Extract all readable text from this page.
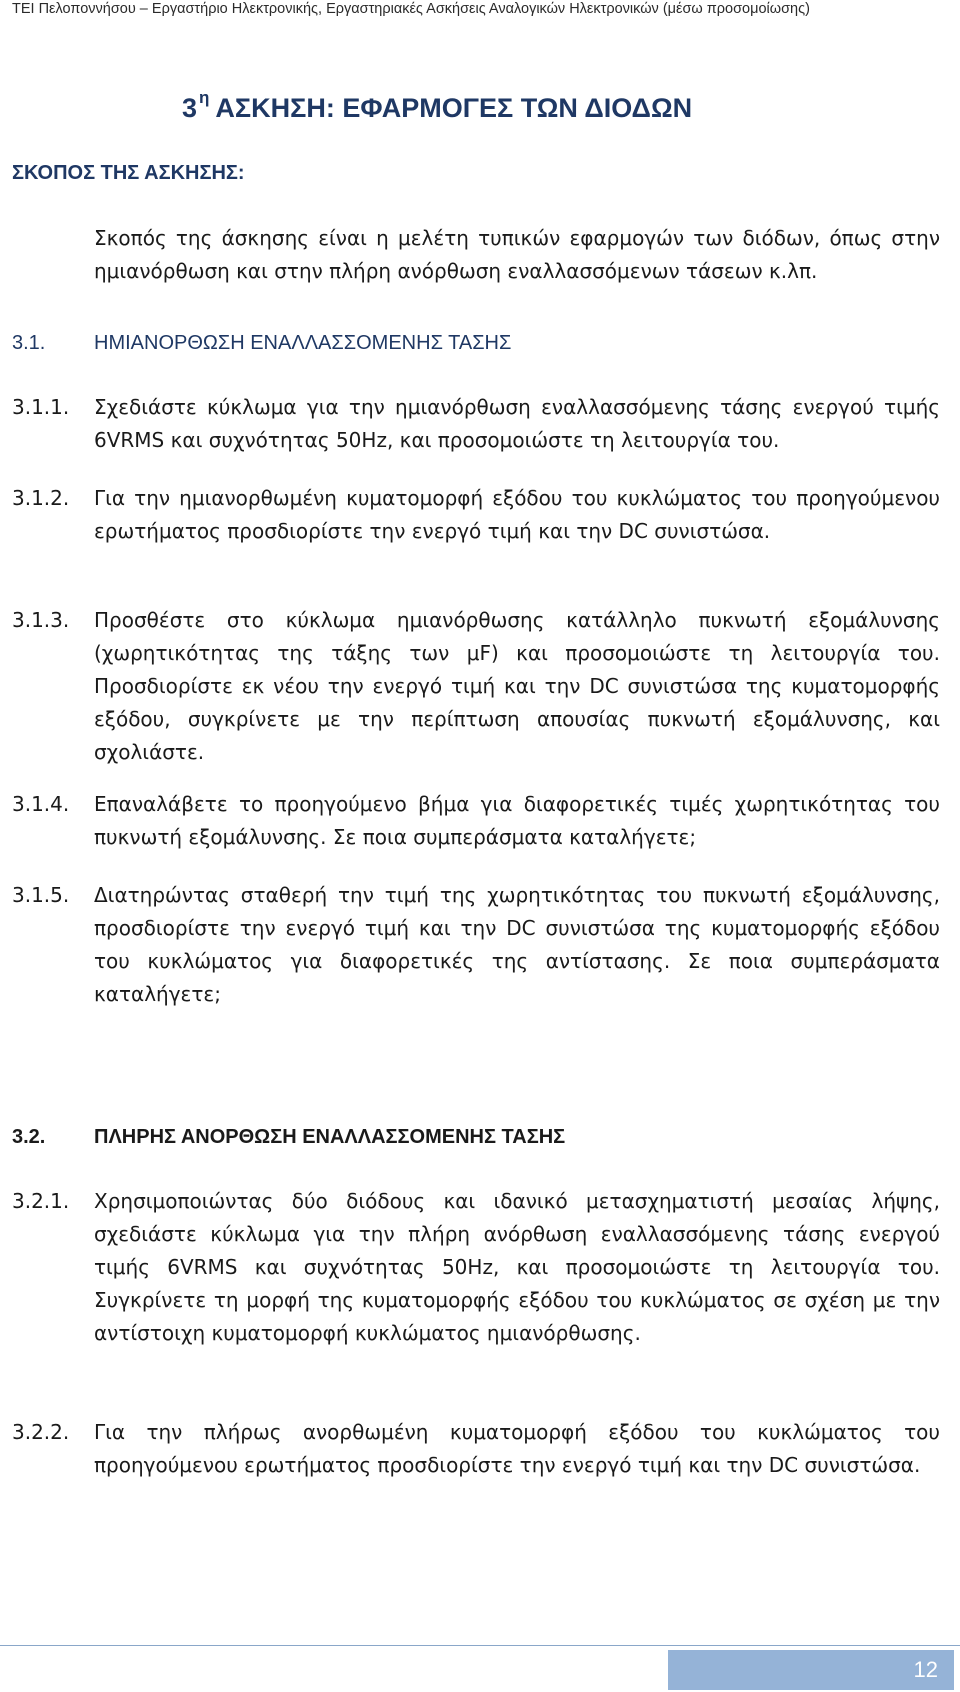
ΤΕΙ Πελοποννήσου – Εργαστήριο Ηλεκτρονικής, Εργαστηριακές Ασκήσεις Αναλογικών Ηλεκτρονικών (μέσω προσομοίωσης)
3 $^\eta$ ΑΣΚΗΣΗ: ΕΦΑΡΜΟΓΕΣ ΤΩΝ ΔΙΟΔΩΝ
ΣΚΟΠΟΣ ΤΗΣ ΑΣΚΗΣΗΣ:

Σκοπός της άσκησης είναι η μελέτη τυπικών εφαρμογών των διόδων, όπως στην ημιανόρθωση και στην πλήρη ανόρθωση εναλλασσόμενων τάσεων κ.λπ.

3.1. ΗΜΙΑΝΟΡΘΩΣΗ ΕΝΑΛΛΑΣΣΟΜΕΝΗΣ ΤΑΣΗΣ
3.1.1. Σχεδιάστε κύκλωμα για την ημιανόρθωση εναλλασσόμενης τάσης ενεργού τιμής 6VRMS και συχνότητας 50Hz, και προσομοιώστε τη λειτουργία του.

3.1.2. Για την ημιανορθωμένη κυματομορφή εξόδου του κυκλώματος του προηγούμενου ερωτήματος προσδιορίστε την ενεργό τιμή και την DC συνιστώσα.

3.1.3. Προσθέστε στο κύκλωμα ημιανόρθωσης κατάλληλο πυκνωτή εξομάλυνσης (χωρητικότητας της τάξης των μF) και προσομοιώστε τη λειτουργία του. Προσδιορίστε εκ νέου την ενεργό τιμή και την DC συνιστώσα της κυματομορφής εξόδου, συγκρίνετε με την περίπτωση απουσίας πυκνωτή εξομάλυνσης, και σχολιάστε.

3.1.4. Επαναλάβετε το προηγούμενο βήμα για διαφορετικές τιμές χωρητικότητας του πυκνωτή εξομάλυνσης. Σε ποια συμπεράσματα καταλήγετε;

3.1.5. Διατηρώντας σταθερή την τιμή της χωρητικότητας του πυκνωτή εξομάλυνσης, προσδιορίστε την ενεργό τιμή και την DC συνιστώσα της κυματομορφής εξόδου του κυκλώματος για διαφορετικές της αντίστασης. Σε ποια συμπεράσματα καταλήγετε;

3.2. ΠΛΗΡΗΣ ΑΝΟΡΘΩΣΗ ΕΝΑΛΛΑΣΣΟΜΕΝΗΣ ΤΑΣΗΣ
3.2.1. Χρησιμοποιώντας δύο διόδους και ιδανικό μετασχηματιστή μεσαίας λήψης, σχεδιάστε κύκλωμα για την πλήρη ανόρθωση εναλλασσόμενης τάσης ενεργού τιμής 6VRMS και συχνότητας 50Hz, και προσομοιώστε τη λειτουργία του. Συγκρίνετε τη μορφή της κυματομορφής εξόδου του κυκλώματος σε σχέση με την αντίστοιχη κυματομορφή κυκλώματος ημιανόρθωσης.

3.2.2. Για την πλήρως ανορθωμένη κυματομορφή εξόδου του κυκλώματος του προηγούμενου ερωτήματος προσδιορίστε την ενεργό τιμή και την DC συνιστώσα.

12
